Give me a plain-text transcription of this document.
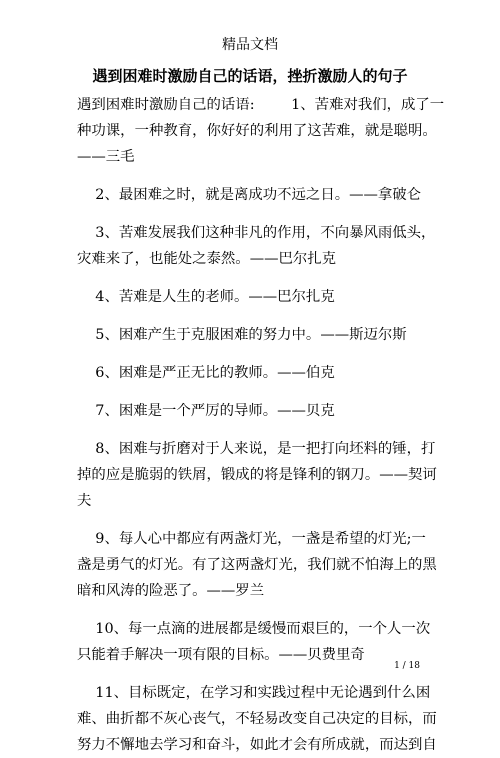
精品文档
遇到困难时激励自己的话语，挫折激励人的句子
遇到困难时激励自己的话语:        1、苦难对我们，成了一
种功课，一种教育，你好好的利用了这苦难，就是聪明。
——三毛
2、最困难之时，就是离成功不远之日。——拿破仑
3、苦难发展我们这种非凡的作用，不向暴风雨低头，
灾难来了，也能处之泰然。——巴尔扎克
4、苦难是人生的老师。——巴尔扎克
5、困难产生于克服困难的努力中。——斯迈尔斯
6、困难是严正无比的教师。——伯克
7、困难是一个严厉的导师。——贝克
8、困难与折磨对于人来说，是一把打向坯料的锤，打
掉的应是脆弱的铁屑，锻成的将是锋利的钢刀。——契诃
夫
9、每人心中都应有两盏灯光，一盏是希望的灯光;一
盏是勇气的灯光。有了这两盏灯光，我们就不怕海上的黑
暗和风涛的险恶了。——罗兰
10、每一点滴的进展都是缓慢而艰巨的，一个人一次
只能着手解决一项有限的目标。——贝费里奇
11、目标既定，在学习和实践过程中无论遇到什么困
难、曲折都不灰心丧气，不轻易改变自己决定的目标，而
努力不懈地去学习和奋斗，如此才会有所成就，而达到自
1 / 18
